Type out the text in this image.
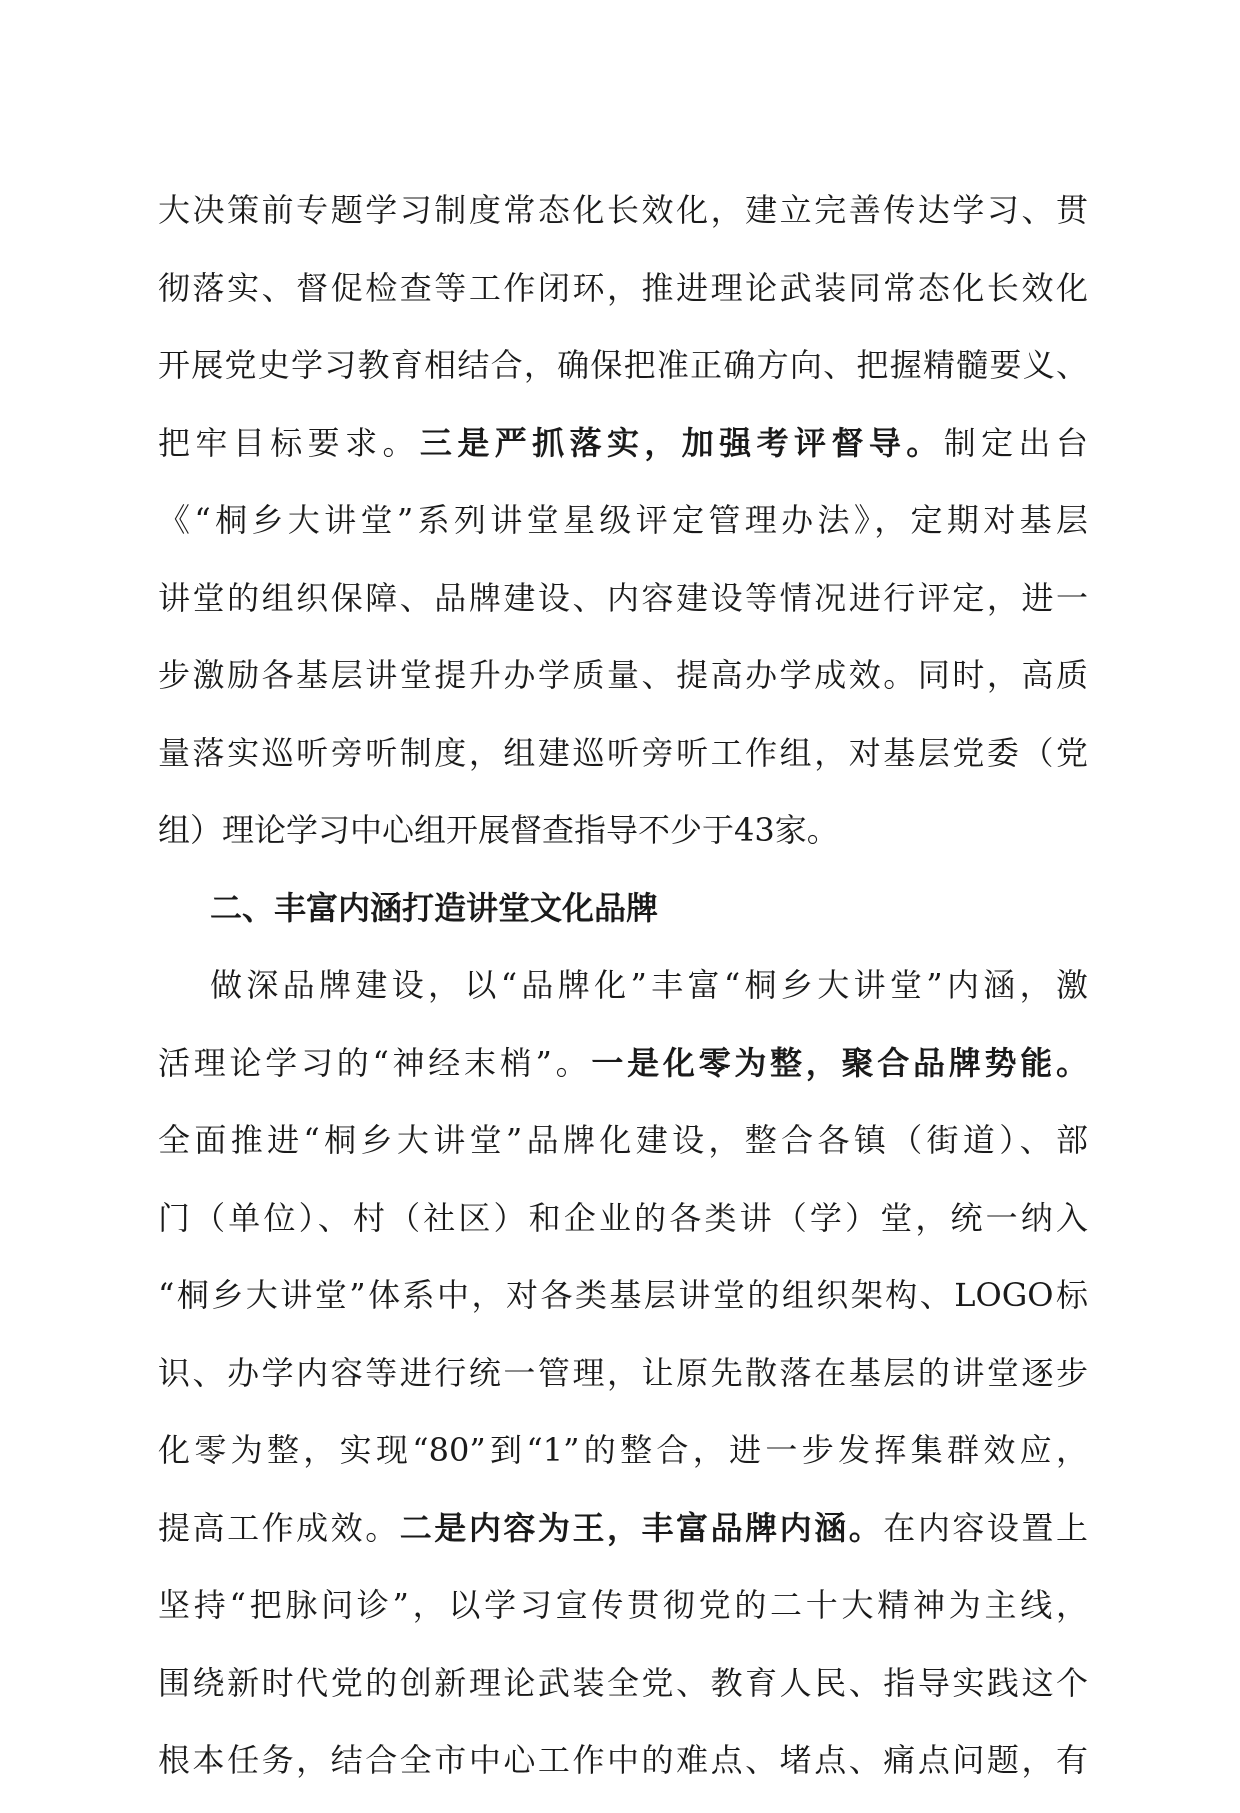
大决策前专题学习制度常态化长效化，建立完善传达学习、贯
彻落实、督促检查等工作闭环，推进理论武装同常态化长效化
开展党史学习教育相结合，确保把准正确方向、把握精髓要义、
把牢目标要求。三是严抓落实，加强考评督导。制定出台
《“桐乡大讲堂”系列讲堂星级评定管理办法》，定期对基层
讲堂的组织保障、品牌建设、内容建设等情况进行评定，进一
步激励各基层讲堂提升办学质量、提高办学成效。同时，高质
量落实巡听旁听制度，组建巡听旁听工作组，对基层党委（党
组）理论学习中心组开展督查指导不少于43家。
二、丰富内涵打造讲堂文化品牌
做深品牌建设，以“品牌化”丰富“桐乡大讲堂”内涵，激
活理论学习的“神经末梢”。一是化零为整，聚合品牌势能。
全面推进“桐乡大讲堂”品牌化建设，整合各镇（街道）、部
门（单位）、村（社区）和企业的各类讲（学）堂，统一纳入
“桐乡大讲堂”体系中，对各类基层讲堂的组织架构、LOGO标
识、办学内容等进行统一管理，让原先散落在基层的讲堂逐步
化零为整，实现“80”到“1”的整合，进一步发挥集群效应，
提高工作成效。二是内容为王，丰富品牌内涵。在内容设置上
坚持“把脉问诊”，以学习宣传贯彻党的二十大精神为主线，
围绕新时代党的创新理论武装全党、教育人民、指导实践这个
根本任务，结合全市中心工作中的难点、堵点、痛点问题，有
